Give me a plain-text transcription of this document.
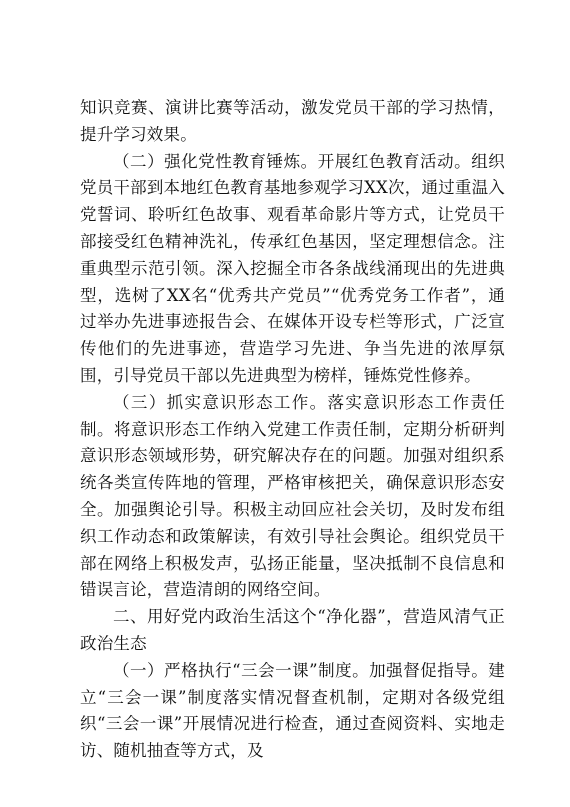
知识竞赛、演讲比赛等活动，激发党员干部的学习热情，提升学习效果。

（二）强化党性教育锤炼。开展红色教育活动。组织党员干部到本地红色教育基地参观学习XX次，通过重温入党誓词、聆听红色故事、观看革命影片等方式，让党员干部接受红色精神洗礼，传承红色基因，坚定理想信念。注重典型示范引领。深入挖掘全市各条战线涌现出的先进典型，选树了XX名“优秀共产党员”“优秀党务工作者”，通过举办先进事迹报告会、在媒体开设专栏等形式，广泛宣传他们的先进事迹，营造学习先进、争当先进的浓厚氛围，引导党员干部以先进典型为榜样，锤炼党性修养。

（三）抓实意识形态工作。落实意识形态工作责任制。将意识形态工作纳入党建工作责任制，定期分析研判意识形态领域形势，研究解决存在的问题。加强对组织系统各类宣传阵地的管理，严格审核把关，确保意识形态安全。加强舆论引导。积极主动回应社会关切，及时发布组织工作动态和政策解读，有效引导社会舆论。组织党员干部在网络上积极发声，弘扬正能量，坚决抵制不良信息和错误言论，营造清朗的网络空间。

二、用好党内政治生活这个“净化器”，营造风清气正政治生态

（一）严格执行“三会一课”制度。加强督促指导。建立“三会一课”制度落实情况督查机制，定期对各级党组织“三会一课”开展情况进行检查，通过查阅资料、实地走访、随机抽查等方式，及
